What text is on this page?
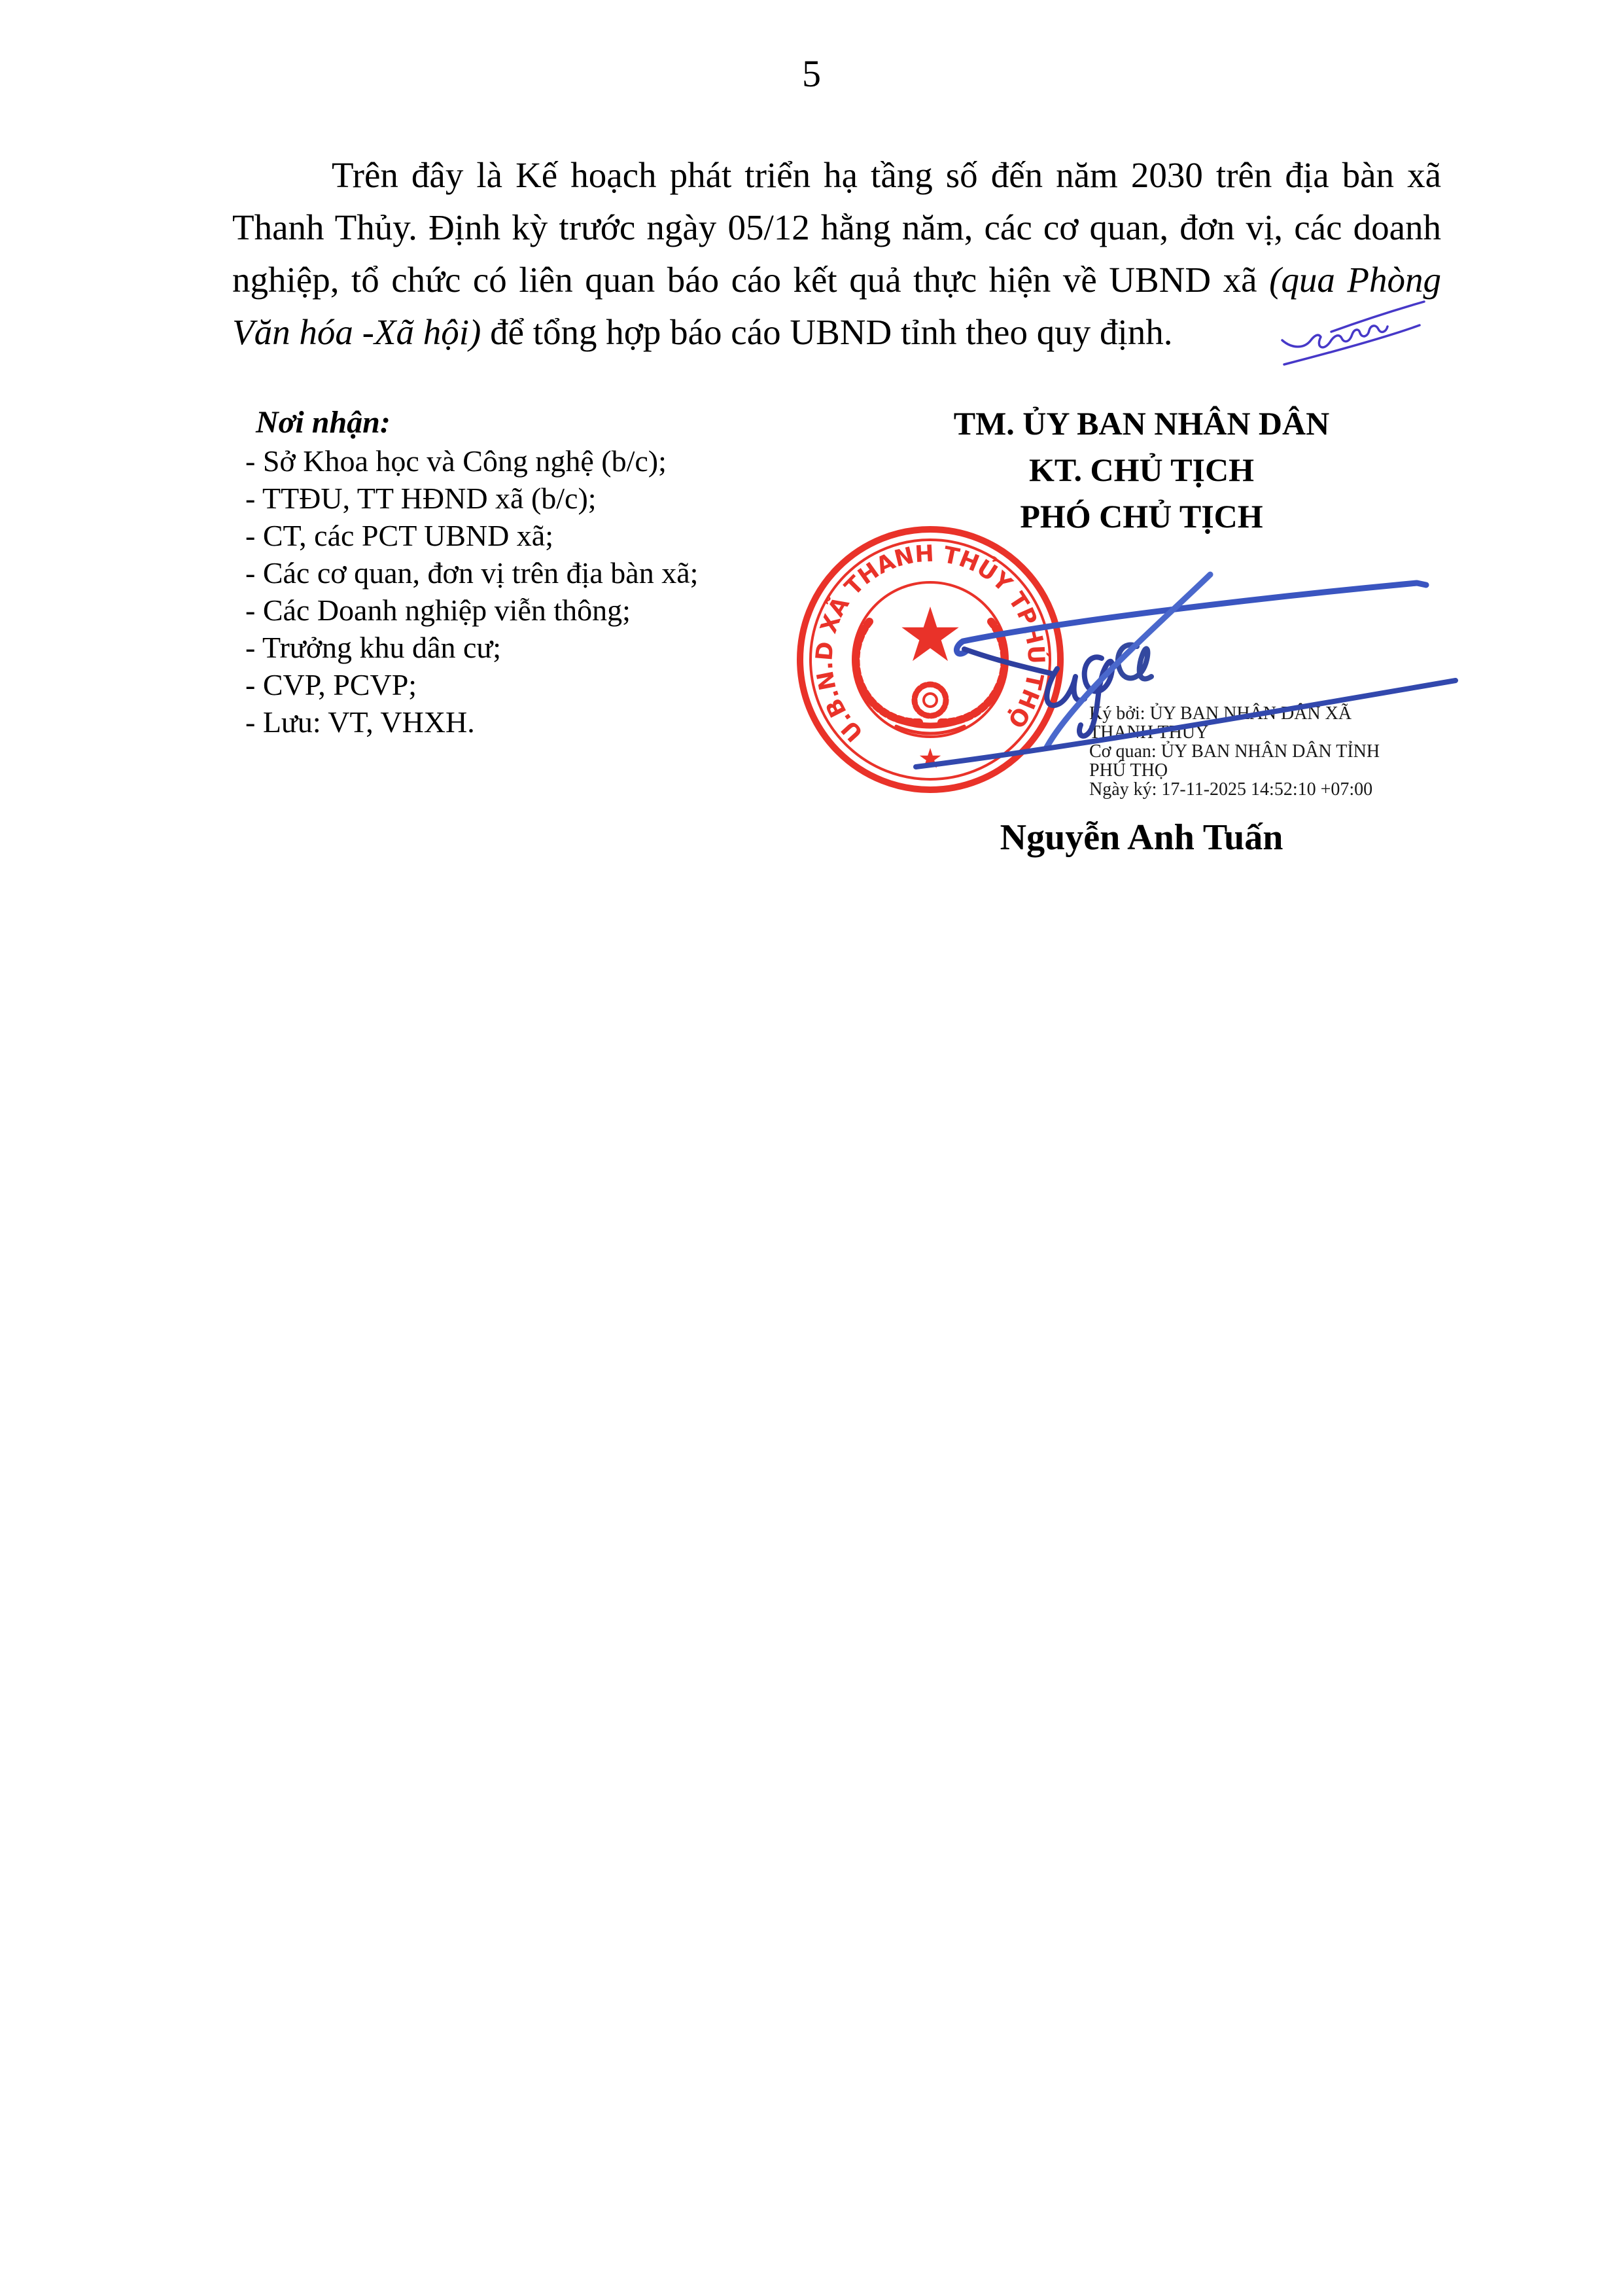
5

Trên đây là Kế hoạch phát triển hạ tầng số đến năm 2030 trên địa bàn xã Thanh Thủy. Định kỳ trước ngày 05/12 hằng năm, các cơ quan, đơn vị, các doanh nghiệp, tổ chức có liên quan báo cáo kết quả thực hiện về UBND xã (qua Phòng Văn hóa -Xã hội) để tổng hợp báo cáo UBND tỉnh theo quy định.

Nơi nhận:
- Sở Khoa học và Công nghệ (b/c);
- TTĐU, TT HĐND xã (b/c);
- CT, các PCT UBND xã;
- Các cơ quan, đơn vị trên địa bàn xã;
- Các Doanh nghiệp viễn thông;
- Trưởng khu dân cư;
- CVP, PCVP;
- Lưu: VT, VHXH.
TM. ỦY BAN NHÂN DÂN
KT. CHỦ TỊCH
PHÓ CHỦ TỊCH
U.B.N.D XÃ THANH THỦY TPHÚ THỌ	Ký bởi: ỦY BAN NHÂN DÂN XÃ
THANH THUỶ
Cơ quan: ỦY BAN NHÂN DÂN TỈNH
PHÚ THỌ
Ngày ký: 17-11-2025 14:52:10 +07:00
Nguyễn Anh Tuấn
